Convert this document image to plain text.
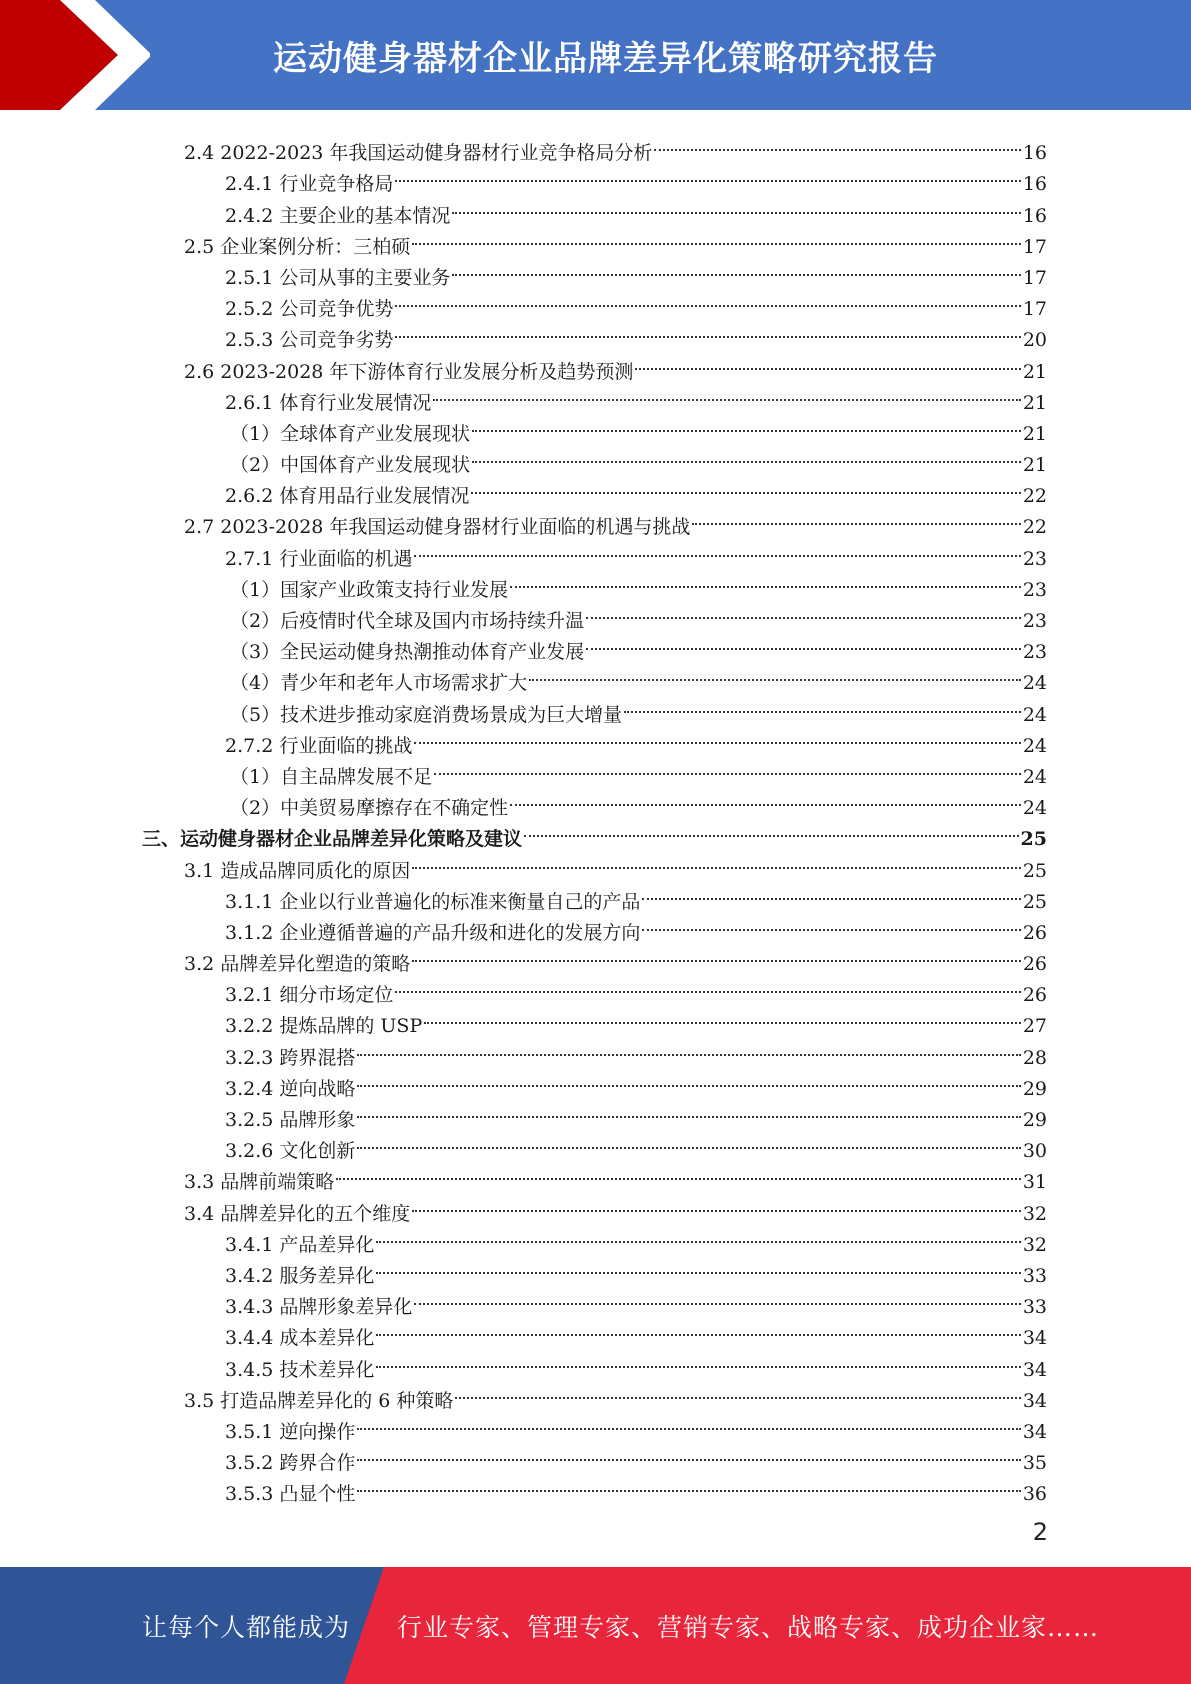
运动健身器材企业品牌差异化策略研究报告
2.4 2022-2023 年我国运动健身器材行业竞争格局分析	16
2.4.1 行业竞争格局	16
2.4.2 主要企业的基本情况	16
2.5 企业案例分析：三柏硕	17
2.5.1 公司从事的主要业务	17
2.5.2 公司竞争优势	17
2.5.3 公司竞争劣势	20
2.6 2023-2028 年下游体育行业发展分析及趋势预测	21
2.6.1 体育行业发展情况	21
（1）全球体育产业发展现状	21
（2）中国体育产业发展现状	21
2.6.2 体育用品行业发展情况	22
2.7 2023-2028 年我国运动健身器材行业面临的机遇与挑战	22
2.7.1 行业面临的机遇	23
（1）国家产业政策支持行业发展	23
（2）后疫情时代全球及国内市场持续升温	23
（3）全民运动健身热潮推动体育产业发展	23
（4）青少年和老年人市场需求扩大	24
（5）技术进步推动家庭消费场景成为巨大增量	24
2.7.2 行业面临的挑战	24
（1）自主品牌发展不足	24
（2）中美贸易摩擦存在不确定性	24
三、运动健身器材企业品牌差异化策略及建议	25
3.1 造成品牌同质化的原因	25
3.1.1 企业以行业普遍化的标准来衡量自己的产品	25
3.1.2 企业遵循普遍的产品升级和进化的发展方向	26
3.2 品牌差异化塑造的策略	26
3.2.1 细分市场定位	26
3.2.2 提炼品牌的 USP	27
3.2.3 跨界混搭	28
3.2.4 逆向战略	29
3.2.5 品牌形象	29
3.2.6 文化创新	30
3.3 品牌前端策略	31
3.4 品牌差异化的五个维度	32
3.4.1 产品差异化	32
3.4.2 服务差异化	33
3.4.3 品牌形象差异化	33
3.4.4 成本差异化	34
3.4.5 技术差异化	34
3.5 打造品牌差异化的 6 种策略	34
3.5.1 逆向操作	34
3.5.2 跨界合作	35
3.5.3 凸显个性	36
2
让每个人都能成为 行业专家、管理专家、营销专家、战略专家、成功企业家……
